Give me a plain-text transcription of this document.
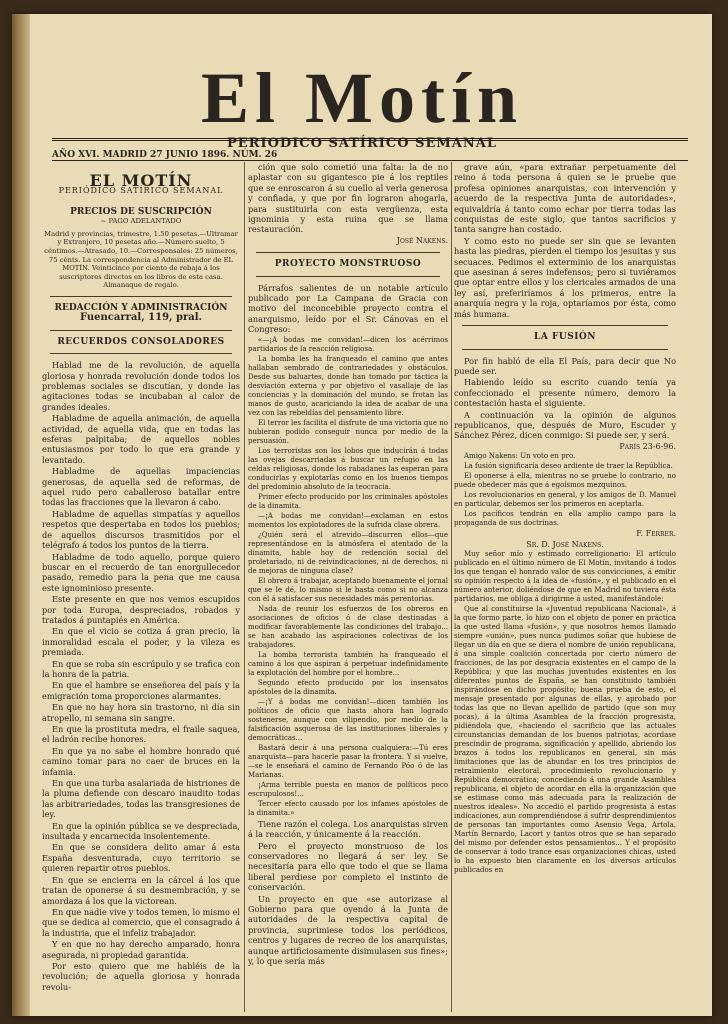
El Motín
PERIODICO SATÍRICO SEMANAL
AÑO XVI. MADRID 27 JUNIO 1896. NÚM. 26
EL MOTÍN
PERIÓDICO SATÍRICO SEMANAL
PRECIOS DE SUSCRIPCIÓN
~ PAGO ADELANTADO
Madrid y provincias, trimestre, 1.50 pesetas.—Ultramar y Extranjero, 10 pesetas año.—Número suelto, 5 céntimos.—Atrasado, 10.—Corresponsales: 25 números, 75 cénts. La correspondencia al Administrador de EL MOTÍN. Veinticinco por ciento de rebaja á los suscriptores directos en los libros de esta casa. Almanaque de regalo.
REDACCIÓN Y ADMINISTRACIÓN
Fuencarral, 119, pral.
RECUERDOS CONSOLADORES

Hablad me de la revolución, de aquella gloriosa y honrada revolución donde todos los problemas sociales se discutían, y donde las agitaciones todas se incubaban al calor de grandes ideales.

Habladme de aquella animación, de aquella actividad, de aquella vida, que en todas las esferas palpitaba; de aquellos nobles entusiasmos por todo lo que era grande y levantado.

Habladme de aquellas impaciencias generosas, de aquella sed de reformas, de aquel rudo pero caballeroso batallar entre todas las fracciones que la llevaron á cabo.

Habladme de aquellas simpatías y aquellos respetos que despertaba en todos los pueblos; de aquellos discursos trasmitidos por el telégrafo á todos los puntos de la tierra.

Habladme de todo aquello, porque quiero buscar en el recuerdo de tan enorgullecedor pasado, remedio para la pena que me causa este ignominioso presente.

Este presente en que nos vemos escupidos por toda Europa, despreciados, robados y tratados á puntapiés en América.

En que el vicio se cotiza á gran precio, la inmoralidad escala el poder, y la vileza es premiada.

En que se roba sin escrúpulo y se trafica con la honra de la patria.

En que el hambre se enseñorea del país y la emigración toma proporciones alarmantes.

En que no hay hora sin trastorno, ni día sin atropello, ni semana sin sangre.

En que la prostituta medra, el fraile saquea, el ladrón recibe honores.

En que ya no sabe el hombre honrado qué camino tomar para no caer de bruces en la infamia.

En que una turba asalariada de histriones de la pluma defiende con descaro inaudito todas las arbitrariedades, todas las transgresiones de ley.

En que la opinión pública se ve despreciada, insultada y encarnecida insolentemente.

En que se considera delito amar á esta España desventurada, cuyo territorio se quieren repartir otros pueblos.

En que se encierra en la cárcel á los que tratan de oponerse á su desmembración, y se amordaza á los que la victorean.

En que nadie vive y todos temen, lo mismo el que se dedica al comercio, que el consagrado á la industria, que el infeliz trabajador.

Y en que no hay derecho amparado, honra asegurada, ni propiedad garantida.

Por esto quiero que me habléis de la revolución; de aquella gloriosa y honrada revolu-

ción que solo cometió una falta: la de no aplastar con su gigantesco pie á los reptiles que se enroscaron á su cuello al verla generosa y confiada, y que por fin lograron ahogarla, para sustituirla con esta vergüenza, esta ignominia y esta ruina que se llama restauración.

José Nakens.
PROYECTO MONSTRUOSO

Párrafos salientes de un notable artículo publicado por La Campana de Gracia con motivo del inconcebible proyecto contra el anarquismo, leído por el Sr. Cánovas en el Congreso:

«—¡A bodas me convidan!—dicen los acérrimos partidarios de la reacción religiosa.

La bomba les ha franqueado el camino que antes hallaban sembrado de contrariedades y obstáculos. Desde sus baluartes, donde han tomado por táctica la desviación externa y por objetivo el vasallaje de las conciencias y la dominación del mundo, se frotan las manos de gusto, acariciando la idea de acabar de una vez con las rebeldías del pensamiento libre.

El terror les facilita el disfrute de una victoria que no hubieran podido conseguir nunca por medio de la persuasión.

Los terroristas son los lobos que inducirán á todas las ovejas descarriadas á buscar un refugio en las celdas religiosas, donde los rabadanes las esperan para conducirlas y explotarlas como en los buenos tiempos del predominio absoluto de la teocracia.

Primer efecto producido por los criminales apóstoles de la dinamita.

—¡A bodas me convidan!—exclaman en estos momentos los explotadores de la sufrida clase obrera.

¿Quién será el atrevido—discurren ellos—que representándose en la atmósfera el atentado de la dinamita, hable hoy de redención social del proletariado, ni de reivindicaciones, ni de derechos, ni de mejoras de ninguna clase?

El obrero á trabajar, aceptando buenamente el jornal que se le dé, lo mismo si le basta como si no alcanza con él á satisfacer sus necesidades más perentorias.

Nada de reunir los esfuerzos de los obreros en asociaciones de oficios ó de clase destinadas á modificar favorablemente las condiciones del trabajo... se han acabado las aspiraciones colectivas de los trabajadores.

La bomba terrorista también ha franqueado el camino á los que aspiran á perpetuar indefinidamente la explotación del hombre por el hombre...

Segundo efecto producido por los insensatos apóstoles de la dinamita.

—¡Y á bodas me convidan!—dicen también los políticos de oficio que hasta ahora han logrado sostenerse, aunque con vilipendio, por medio de la falsificación asquerosa de las instituciones liberales y democráticas...

Bastará decir á una persona cualquiera:—Tú eres anarquista—para hacerle pasar la frontera. Y si vuelve,—se le enseñará el camino de Fernando Póo ó de las Marianas.

¡Arma terrible puesta en manos de políticos poco escrupulosos!...

Tercer efecto causado por los infames apóstoles de la dinamita.»

Tiene razón el colega. Los anarquistas sirven á la reacción, y únicamente á la reacción.

Pero el proyecto monstruoso de los conservadores no llegará á ser ley. Se necesitaría para ello que todo el que se llama liberal perdiese por completo el instinto de conservación.

Un proyecto en que «se autorizase al Gobierno para que oyendo á la Junta de autoridades de la respectiva capital de provincia, suprimiese todos los periódicos, centros y lugares de recreo de los anarquistas, aunque artificiosamente disimulasen sus fines»; y, lo que sería más

grave aún, «para extrañar perpetuamente del reino á toda persona á quien se le pruebe que profesa opiniones anarquistas, con intervención y acuerdo de la respectiva Junta de autoridades», equivaldría á tanto como echar por tierra todas las conquistas de este siglo, que tantos sacrificios y tanta sangre han costado.

Y como esto no puede ser sin que se levanten hasta las piedras, pierden el tiempo los jesuitas y sus secuaces. Pedimos el exterminio de los anarquistas que asesinan á seres indefensos; pero si tuviéramos que optar entre ellos y los clericales armados de una ley así, preferiríamos á los primeros, entre la anarquía negra y la roja, optaríamos por ésta, como más humana.

LA FUSIÓN

Por fin habló de ella El País, para decir que No puede ser.

Habiendo leído su escrito cuando tenía ya confeccionado el presente número, demoro la contestación hasta el siguiente.

A continuación va la opinión de algunos republicanos, que, después de Muro, Escuder y Sánchez Pérez, dicen conmigo: Si puede ser, y será.

París 23-6-96.

Amigo Nakens: Un voto en pro.

La fusión significaría deseo ardiente de traer la República.

El oponerse á ella, mientras no se pruebe lo contrario, no puede obedecer más que á egoísmos mezquinos.

Los revolucionarios en general, y los amigos de D. Manuel en particular, debemos ser los primeros en aceptarla.

Los pacíficos tendrán en ella amplio campo para la propaganda de sus doctrinas.

F. Ferrer.
Sr. D. José Nakens.

Muy señor mío y estimado correligionario: El artículo publicado en el último número de El Motín, invitando á todos los que tengan el honrado valor de sus convicciones, á emitir su opinión respecto á la idea de «fusión», y el publicado en el número anterior, doliéndose de que en Madrid no tuviera ésta partidarios, me obliga á dirigirme á usted, manifestándole:

Que al constituirse la «Juventud republicana Nacional», á la que formo parte, lo hizo con el objeto de poner en práctica la que usted llama «fusión», y que nosotros hemos llamado siempre «unión», pues nunca pudimos soñar que hubiese de llegar un día en que se diera el nombre de unión republicana, á una simple coalición concertada por cierto número de fracciones, de las por desgracia existentes en el campo de la República; y que las muchas juventudes existentes en los diferentes puntos de España, se han constituido también inspirándose en dicho propósito; buena prueba de esto, el mensaje presentado por algunas de ellas, y aprobado por todas las que no llevan apellido de partido (que son muy pocas), á la última Asamblea de la fracción progresista, pidiéndola que, «haciendo el sacrificio que las actuales circunstancias demandan de los buenos patriotas, acordase prescindir de programa, significación y apellido, abriendo los brazos á todos los republicanos en general, sin más limitaciones que las de abundar en los tres principios de retraimiento electoral, procedimiento revolucionario y República democrática; concediendo á una grande Asamblea republicana, el objeto de acordar en ella la organización que se estimase como más adecuada para la realización de nuestros ideales». No accedió el partido progresista á estas indicaciones, aun comprendiéndose á sufrir desprendimientos de personas tan importantes como Asensio Vega, Artola, Martín Bernardo, Lacort y tantos otros que se han separado del mismo por defender estos pensamientos... Y el propósito de conservar á todo trance esas organizaciones chicas, usted lo ha expuesto bien claramente en los diversos artículos publicados en
